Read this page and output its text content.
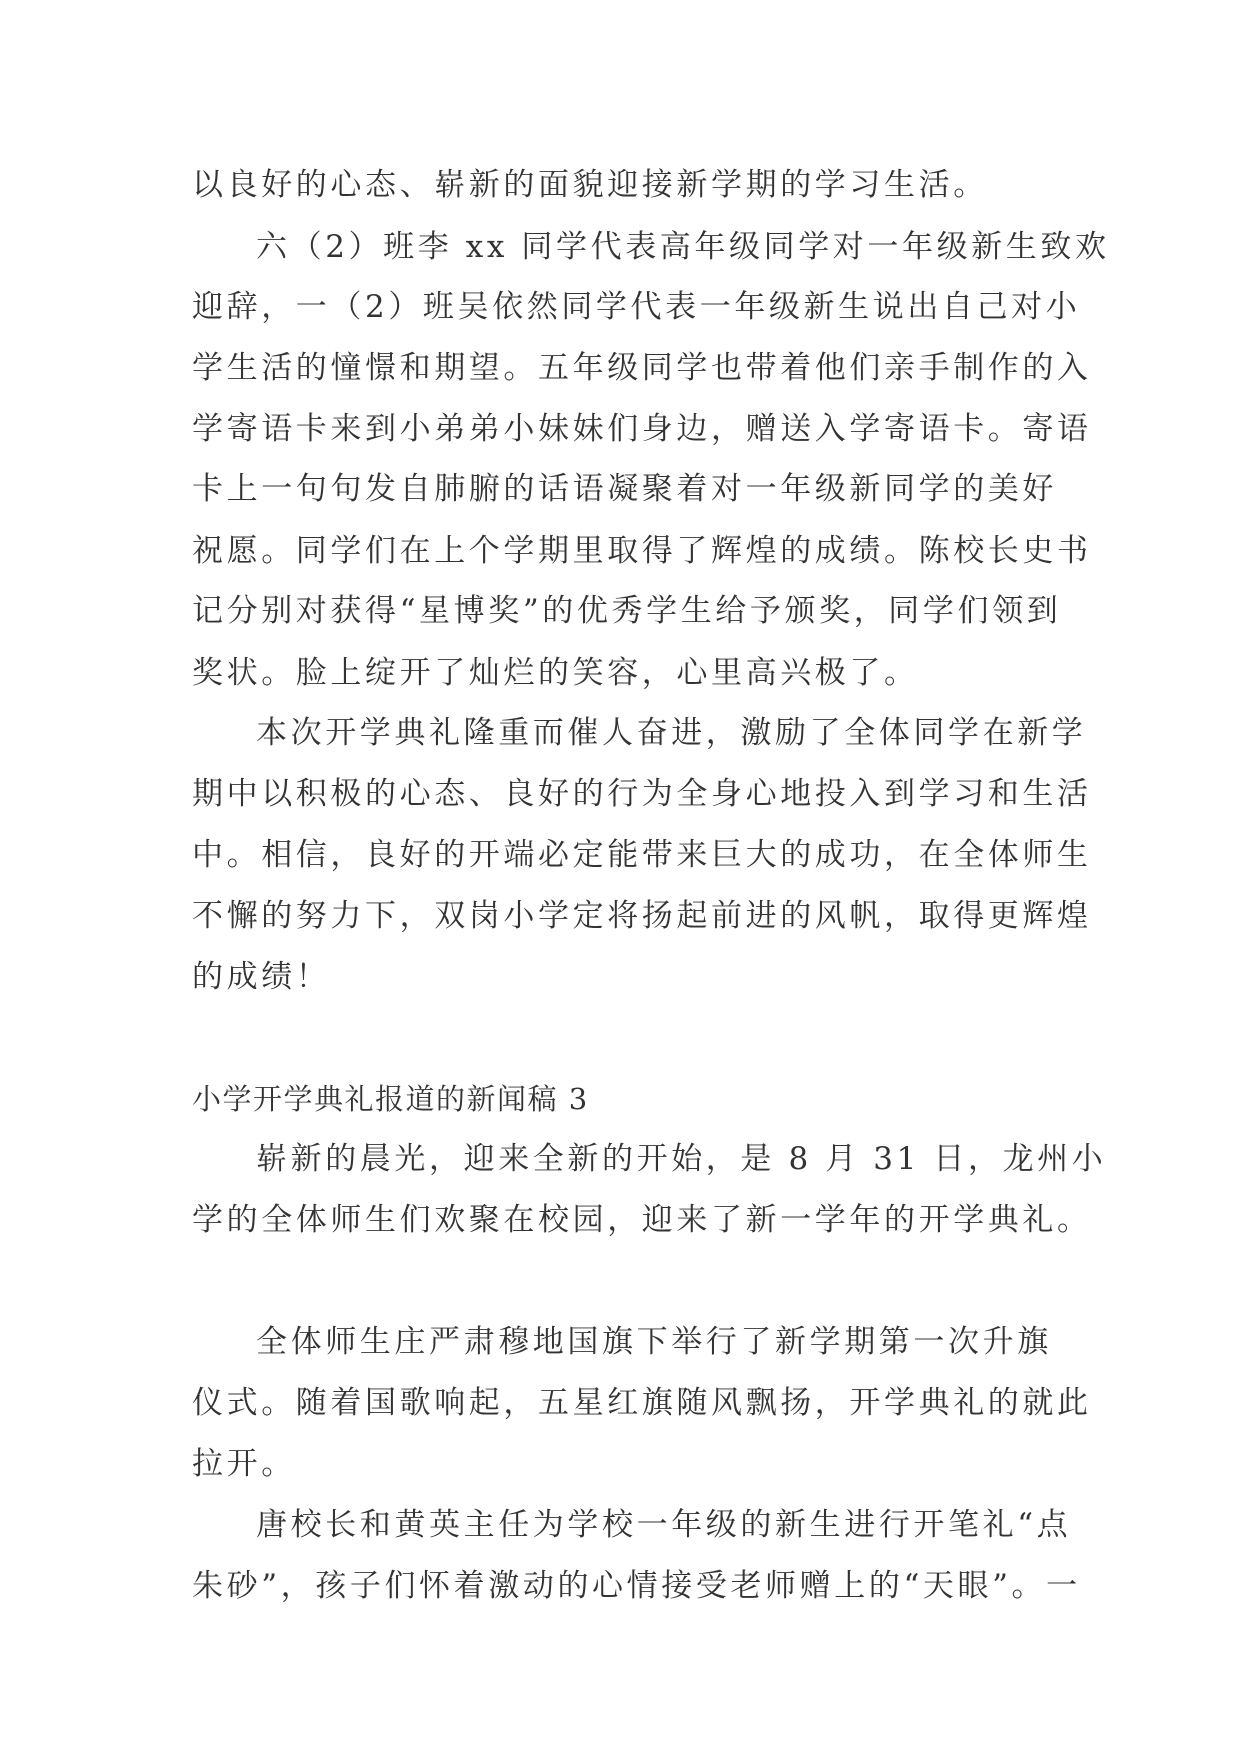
以良好的心态、崭新的面貌迎接新学期的学习生活。
六（2）班李 xx 同学代表高年级同学对一年级新生致欢
迎辞，一（2）班吴依然同学代表一年级新生说出自己对小
学生活的憧憬和期望。五年级同学也带着他们亲手制作的入
学寄语卡来到小弟弟小妹妹们身边，赠送入学寄语卡。寄语
卡上一句句发自肺腑的话语凝聚着对一年级新同学的美好
祝愿。同学们在上个学期里取得了辉煌的成绩。陈校长史书
记分别对获得“星博奖”的优秀学生给予颁奖，同学们领到
奖状。脸上绽开了灿烂的笑容，心里高兴极了。
本次开学典礼隆重而催人奋进，激励了全体同学在新学
期中以积极的心态、良好的行为全身心地投入到学习和生活
中。相信，良好的开端必定能带来巨大的成功，在全体师生
不懈的努力下，双岗小学定将扬起前进的风帆，取得更辉煌
的成绩！
小学开学典礼报道的新闻稿 3
崭新的晨光，迎来全新的开始，是 8 月 31 日，龙州小
学的全体师生们欢聚在校园，迎来了新一学年的开学典礼。
全体师生庄严肃穆地国旗下举行了新学期第一次升旗
仪式。随着国歌响起，五星红旗随风飘扬，开学典礼的就此
拉开。
唐校长和黄英主任为学校一年级的新生进行开笔礼“点
朱砂”，孩子们怀着激动的心情接受老师赠上的“天眼”。一
